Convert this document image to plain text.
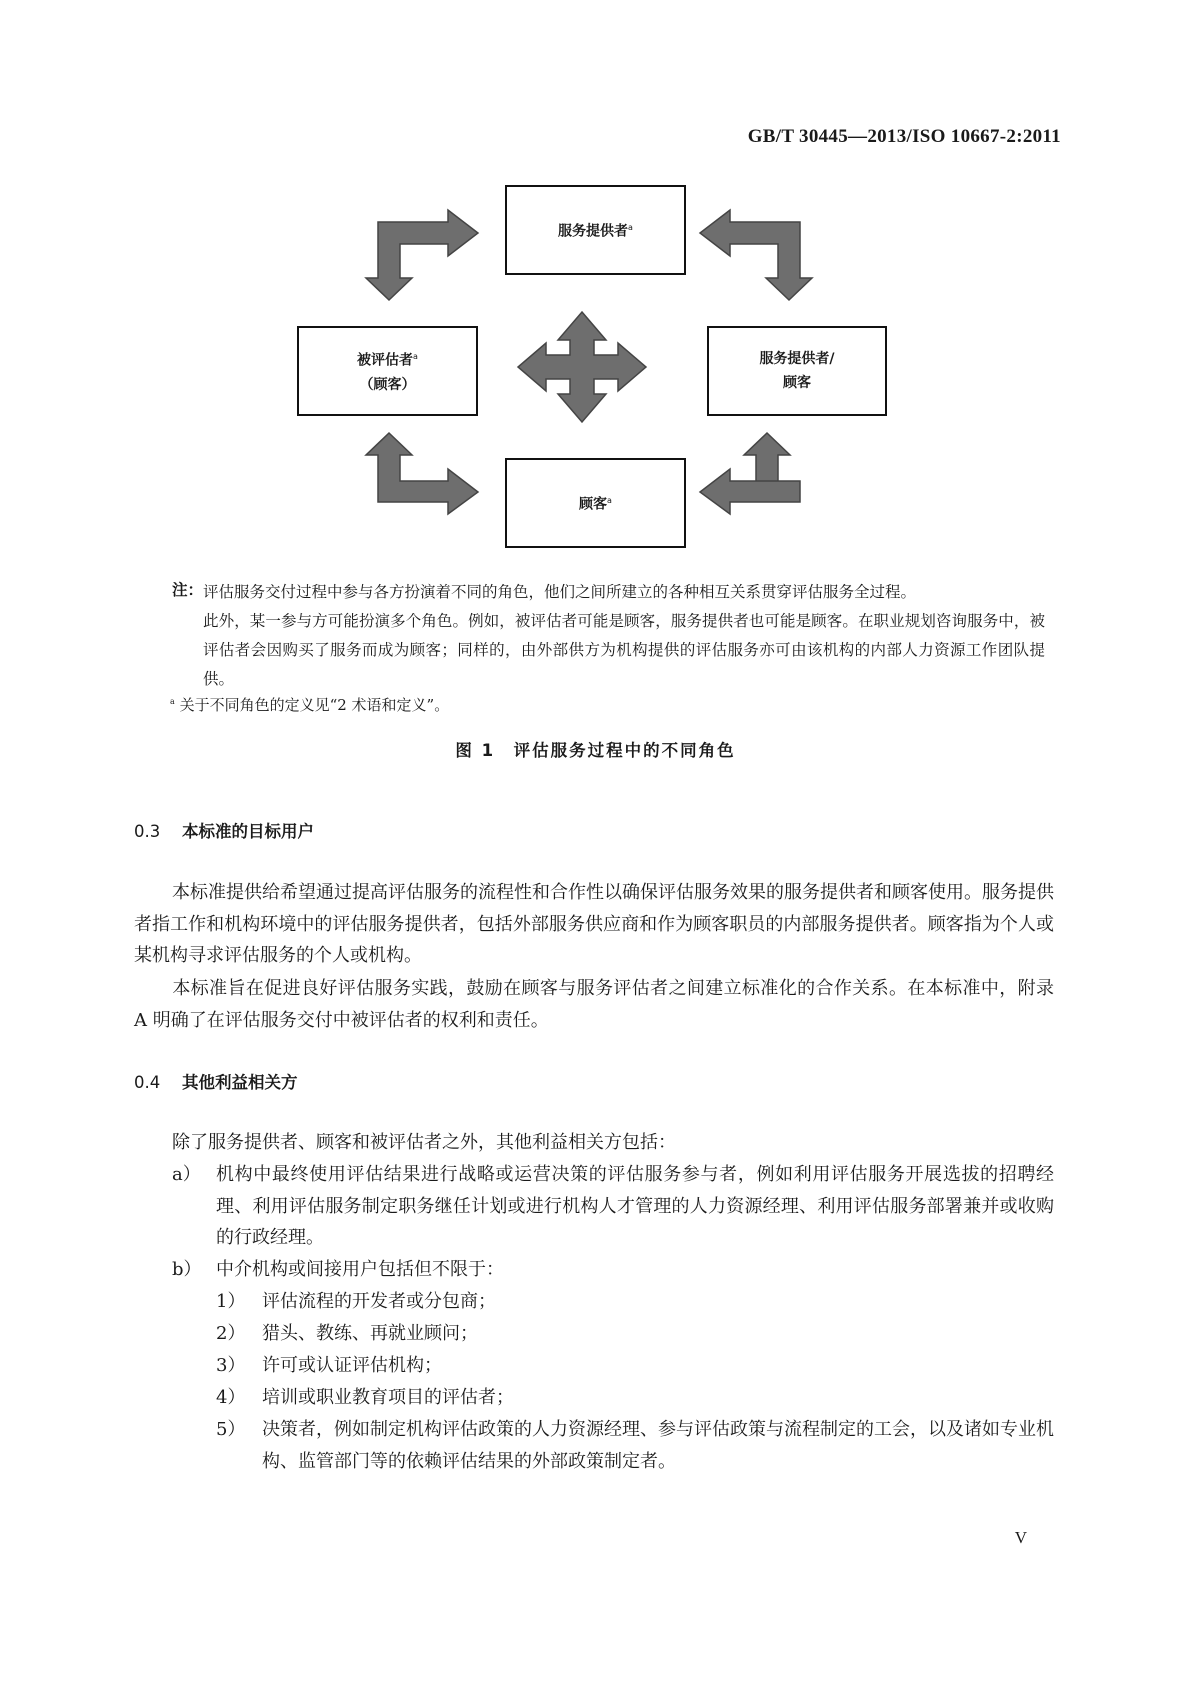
GB/T 30445—2013/ISO 10667-2:2011
服务提供者$^a$
被评估者$^a$
（顾客）
服务提供者/
顾客
顾客$^a$
注： 评估服务交付过程中参与各方扮演着不同的角色，他们之间所建立的各种相互关系贯穿评估服务全过程。
此外，某一参与方可能扮演多个角色。例如，被评估者可能是顾客，服务提供者也可能是顾客。在职业规划咨询服务中，被评估者会因购买了服务而成为顾客；同样的，由外部供方为机构提供的评估服务亦可由该机构的内部人力资源工作团队提供。
$^a$ 关于不同角色的定义见“2 术语和定义”。
图 1　评估服务过程中的不同角色
0.3 本标准的目标用户
本标准提供给希望通过提高评估服务的流程性和合作性以确保评估服务效果的服务提供者和顾客使用。服务提供者指工作和机构环境中的评估服务提供者，包括外部服务供应商和作为顾客职员的内部服务提供者。顾客指为个人或某机构寻求评估服务的个人或机构。
本标准旨在促进良好评估服务实践，鼓励在顾客与服务评估者之间建立标准化的合作关系。在本标准中，附录 A 明确了在评估服务交付中被评估者的权利和责任。
0.4 其他利益相关方
除了服务提供者、顾客和被评估者之外，其他利益相关方包括：
a） 机构中最终使用评估结果进行战略或运营决策的评估服务参与者，例如利用评估服务开展选拔的招聘经理、利用评估服务制定职务继任计划或进行机构人才管理的人力资源经理、利用评估服务部署兼并或收购的行政经理。
b） 中介机构或间接用户包括但不限于：
1） 评估流程的开发者或分包商；
2） 猎头、教练、再就业顾问；
3） 许可或认证评估机构；
4） 培训或职业教育项目的评估者；
5） 决策者，例如制定机构评估政策的人力资源经理、参与评估政策与流程制定的工会，以及诸如专业机构、监管部门等的依赖评估结果的外部政策制定者。
V
